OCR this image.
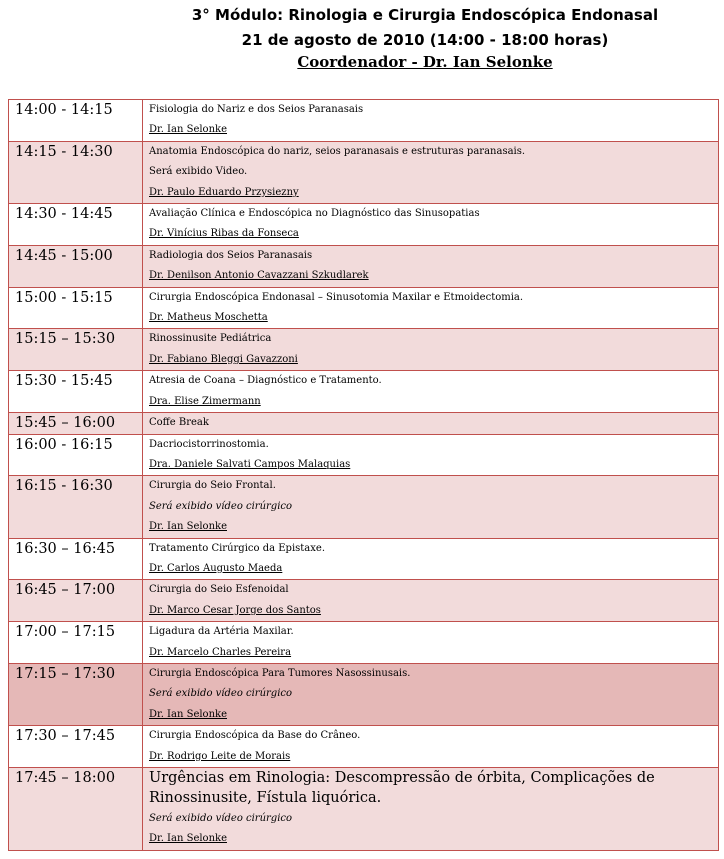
3° Módulo: Rinologia e Cirurgia Endoscópica Endonasal
21 de agosto de 2010 (14:00 - 18:00 horas)
Coordenador - Dr. Ian Selonke
14:00 - 14:15	Fisiologia do Nariz e dos Seios Paranasais
Dr. Ian Selonke

14:15 - 14:30	Anatomia Endoscópica do nariz, seios paranasais e estruturas paranasais.
Será exibido Video.
Dr. Paulo Eduardo Przysiezny

14:30 - 14:45	Avaliação Clínica e Endoscópica no Diagnóstico das Sinusopatias
Dr. Vinícius Ribas da Fonseca

14:45 - 15:00	Radiologia dos Seios Paranasais
Dr. Denilson Antonio Cavazzani Szkudlarek

15:00 - 15:15	Cirurgia Endoscópica Endonasal – Sinusotomia Maxilar e Etmoidectomia.
Dr. Matheus Moschetta

15:15 – 15:30	Rinossinusite Pediátrica
Dr. Fabiano Bleggi Gavazzoni

15:30 - 15:45	Atresia de Coana – Diagnóstico e Tratamento.
Dra. Elise Zimermann

15:45 – 16:00	Coffe Break

16:00 - 16:15	Dacriocistorrinostomia.
Dra. Daniele Salvati Campos Malaquias

16:15 - 16:30	Cirurgia do Seio Frontal.
Será exibido vídeo cirúrgico
Dr. Ian Selonke

16:30 – 16:45	Tratamento Cirúrgico da Epistaxe.
Dr. Carlos Augusto Maeda

16:45 – 17:00	Cirurgia do Seio Esfenoidal
Dr. Marco Cesar Jorge dos Santos

17:00 – 17:15	Ligadura da Artéria Maxilar.
Dr. Marcelo Charles Pereira

17:15 – 17:30	Cirurgia Endoscópica Para Tumores Nasossinusais.
Será exibido vídeo cirúrgico
Dr. Ian Selonke

17:30 – 17:45	Cirurgia Endoscópica da Base do Crâneo.
Dr. Rodrigo Leite de Morais

17:45 – 18:00	Urgências em Rinologia: Descompressão de órbita, Complicações de Rinossinusite, Fístula liquórica.
Será exibido vídeo cirúrgico
Dr. Ian Selonke
